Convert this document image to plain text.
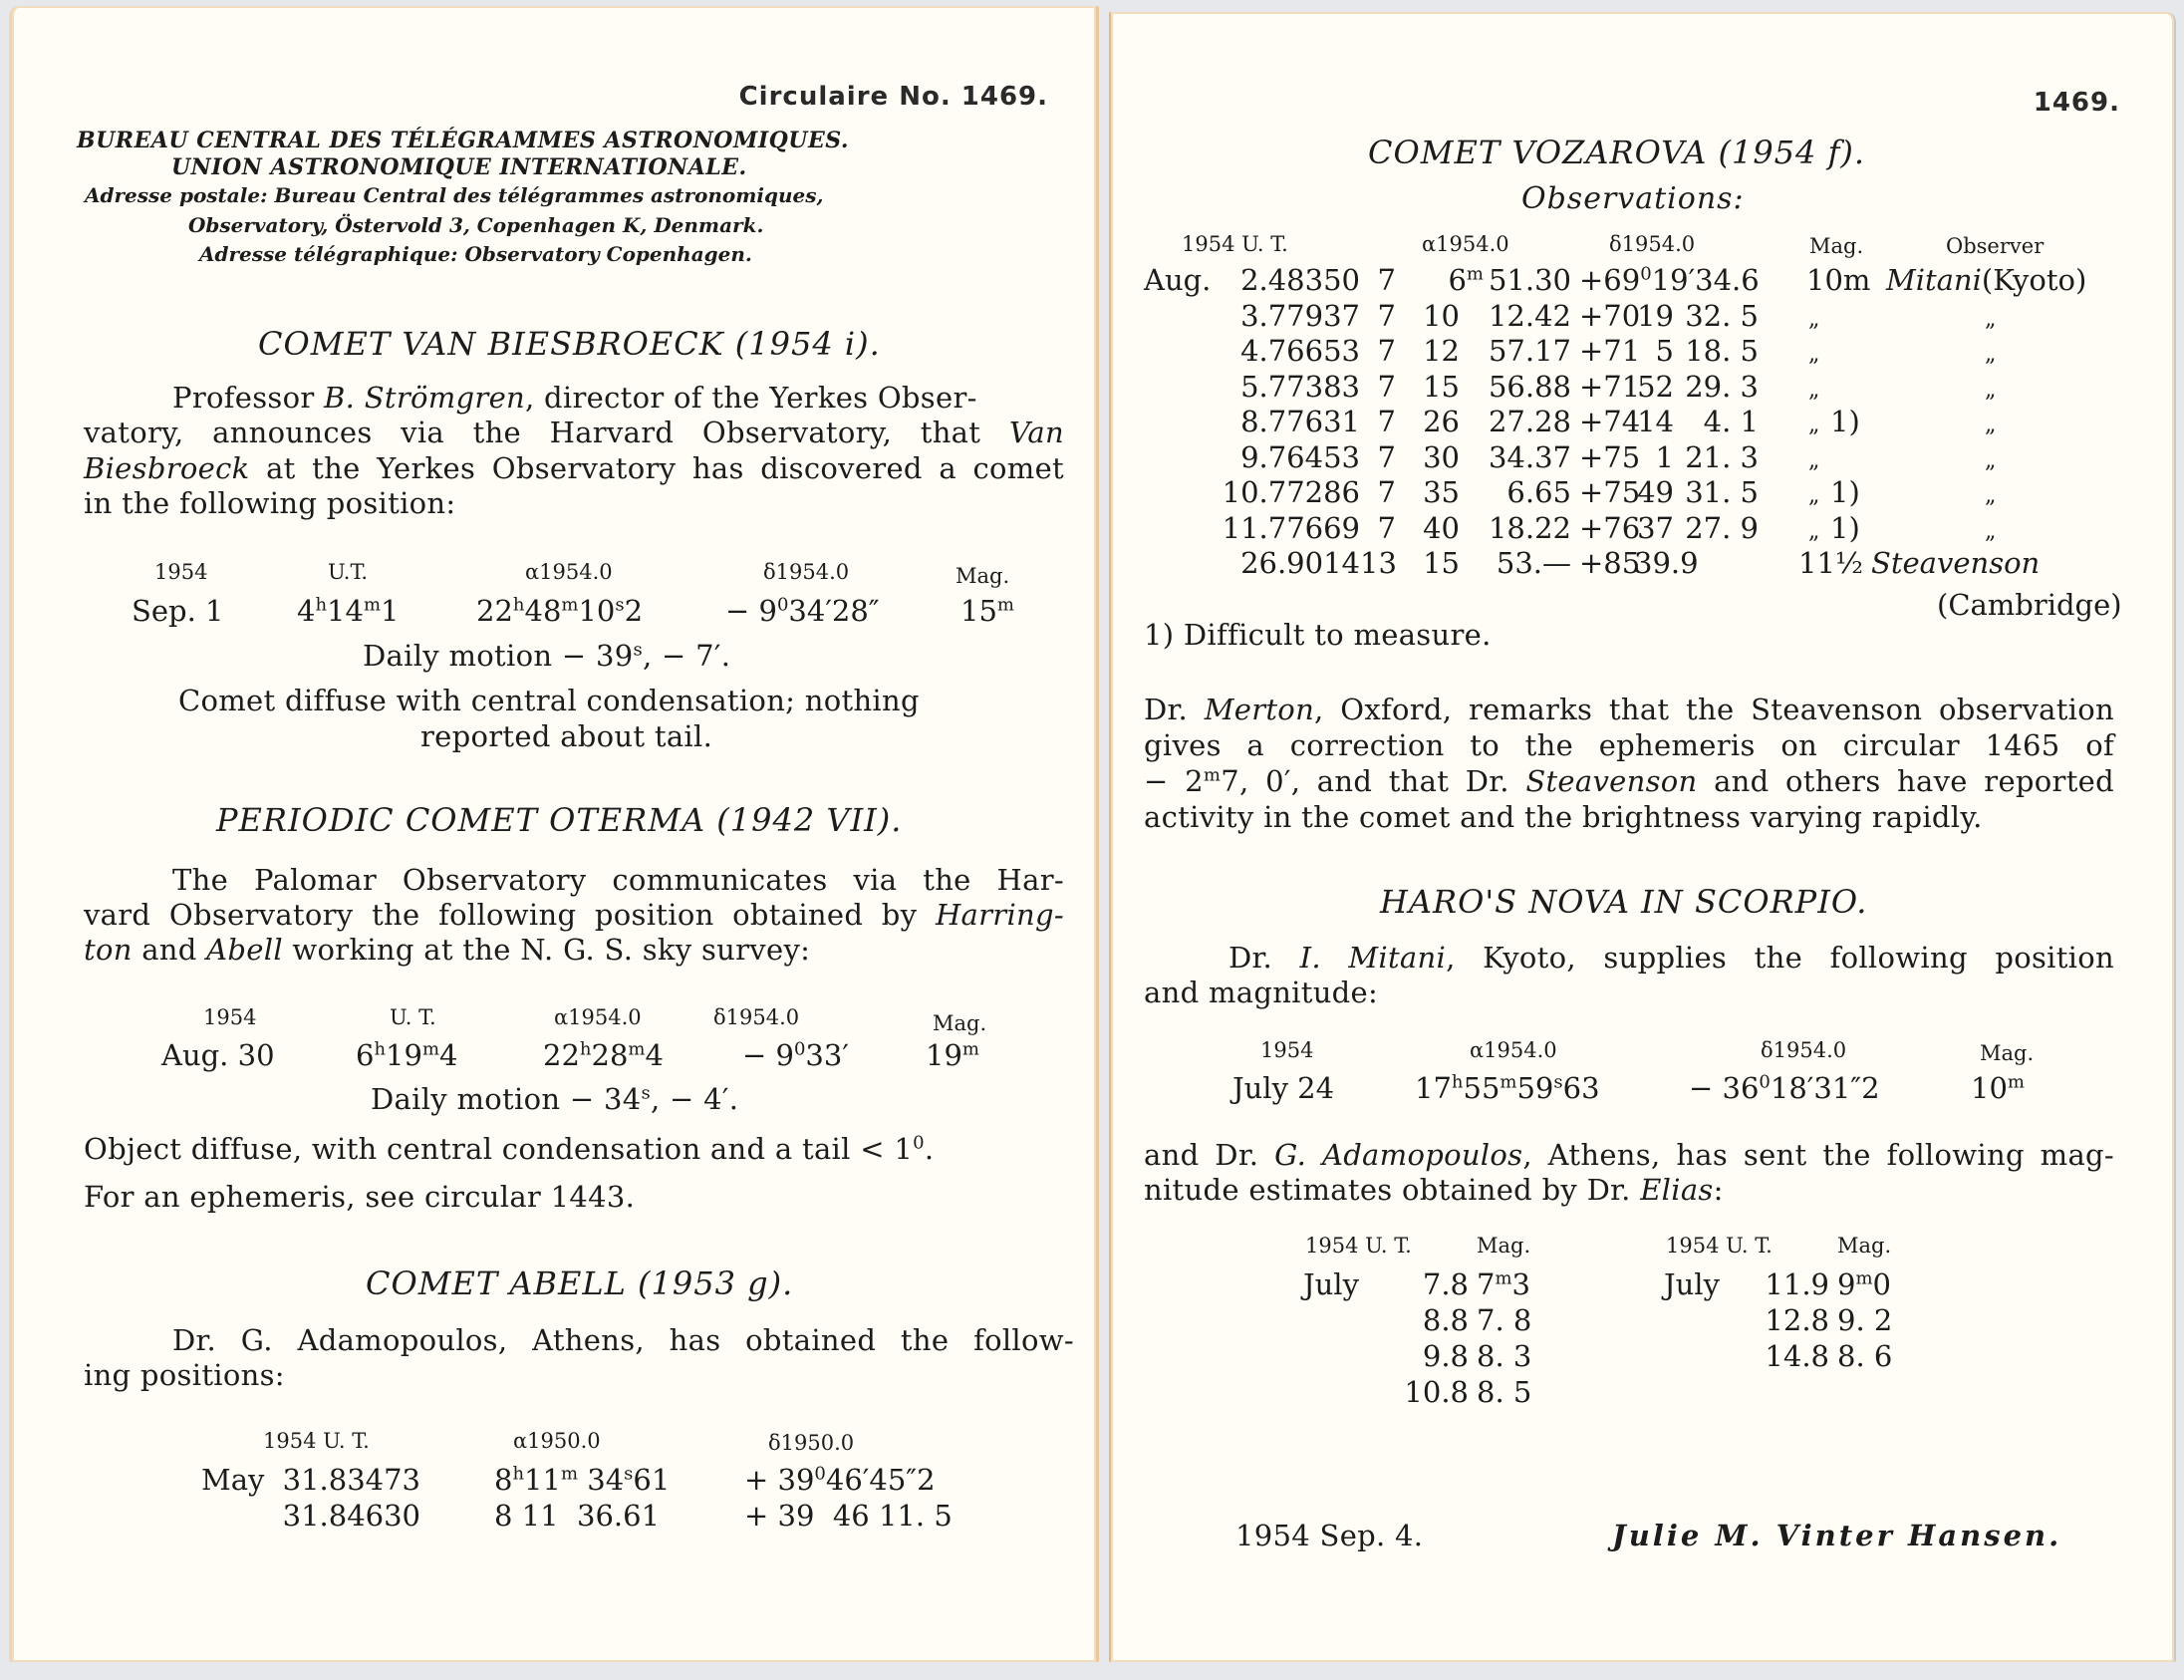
Circulaire No. 1469.
BUREAU CENTRAL DES TÉLÉGRAMMES ASTRONOMIQUES.
UNION ASTRONOMIQUE INTERNATIONALE.
Adresse postale: Bureau Central des télégrammes astronomiques,
Observatory, Östervold 3, Copenhagen K, Denmark.
Adresse télégraphique: Observatory Copenhagen.
COMET VAN BIESBROECK (1954 i).
Professor B. Strömgren, director of the Yerkes Obser-
vatory, announces via the Harvard Observatory, that Van
Biesbroeck at the Yerkes Observatory has discovered a comet
in the following position:
1954	U.T.	α1954.0	δ1954.0	Mag.
Sep. 1	4$^h$14$^m$1	$22^h48^m10^s2$	− $9^034'28''$	15$^m$
Daily motion − $39^s$, − 7′.
Comet diffuse with central condensation; nothing
reported about tail.
PERIODIC COMET OTERMA (1942 VII).
The Palomar Observatory communicates via the Har-
vard Observatory the following position obtained by Harring-
ton and Abell working at the N. G. S. sky survey:
1954	U. T.	α1954.0	δ1954.0	Mag.
Aug. 30	6$^h$19$^m$4	$22^h28^m4$	− $9^033'$	19$^m$
Daily motion − $34^s$, − 4′.
Object diffuse, with central condensation and a tail < $1^0$.
For an ephemeris, see circular 1443.
COMET ABELL (1953 g).
Dr. G. Adamopoulos, Athens, has obtained the follow-
ing positions:
1954 U. T.	α1950.0	δ1950.0
May 31.83473	8$^h$11$^m$ $34^s61$	+ $39^046'45''2$
31.84630	8 11  36.61	+ 39  46 11. 5
1469.
COMET VOZAROVA (1954 f).
Observations:
1954 U. T.	α1954.0	δ1954.0	Mag.	Observer
Aug.	2.48350 7	6$^m$ $51.30 +69^019'34.6$ 10m Mitani(Kyoto)
3.77937 7 10 12.42 +70
19 32. 5 „	„
4.76653 7 12 57.17 +71 5 18. 5 „	„
5.77383 7 15 56.88 +71
52 29. 3 „	„
8.77631 7 26 27.28 +74
14	4. 1 „ 1)	„
9.76453 7 30 34.37 +75 1 21. 3 „	„
10.77286 7 35	6.65 +75
49 31. 5 „ 1)	„
11.77669 7 40 18.22 +76
37 27. 9 „ 1)	„
26.9014 13 15	53.— +85
39.9	11½ Steavenson
(Cambridge)
1) Difficult to measure.
Dr. Merton, Oxford, remarks that the Steavenson observation
gives a correction to the ephemeris on circular 1465 of
− $2^m7$, 0′, and that Dr. Steavenson and others have reported
activity in the comet and the brightness varying rapidly.
HARO'S NOVA IN SCORPIO.
Dr. I. Mitani, Kyoto, supplies the following position
and magnitude:
1954	α1954.0	δ1954.0	Mag.
July 24	$17^h55^m59^s63$	− $36^018'31''2$	10$^m$
and Dr. G. Adamopoulos, Athens, has sent the following mag-
nitude estimates obtained by Dr. Elias:
1954 U. T.	Mag.
July	7.8 7$^m$3
8.8 7. 8
9.8 8. 3
10.8 8. 5
1954 U. T.	Mag.
July	11.9 9$^m$0
12.8 9. 2
14.8 8. 6
1954 Sep. 4.	Julie M. Vinter Hansen.
